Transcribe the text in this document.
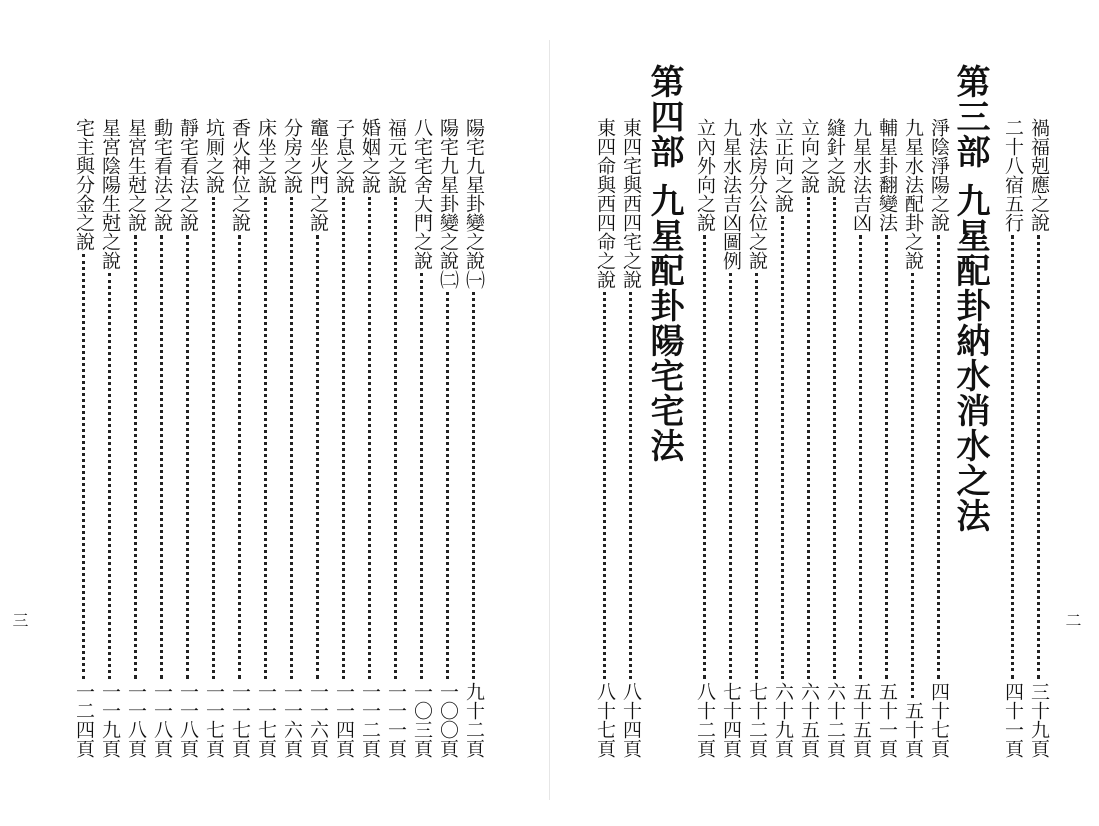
禍福剋應之說
三十九頁
二十八宿五行
四十一頁
第三部九星配卦納水消水之法
淨陰淨陽之說
四十七頁
九星水法配卦之說
五十頁
輔星卦翻變法
五十一頁
九星水法吉凶
五十五頁
縫針之說
六十二頁
立向之說
六十五頁
立正向之說
六十九頁
水法房分公位之說
七十二頁
九星水法吉凶圖例
七十四頁
立內外向之說
八十二頁
第四部九星配卦陽宅宅法
東四宅與西四宅之說
八十四頁
東四命與西四命之說
八十七頁
二
三
陽宅九星卦變之說㈠
九十二頁
陽宅九星卦變之說㈡
一〇〇頁
八宅宅舍大門之說
一〇三頁
福元之說
一一一頁
婚姻之說
一一二頁
子息之說
一一四頁
竈坐火門之說
一一六頁
分房之說
一一六頁
床坐之說
一一七頁
香火神位之說
一一七頁
坑厠之說
一一七頁
靜宅看法之說
一一八頁
動宅看法之說
一一八頁
星宮生尅之說
一一八頁
星宮陰陽生尅之說
一一九頁
宅主與分金之說
一二四頁
